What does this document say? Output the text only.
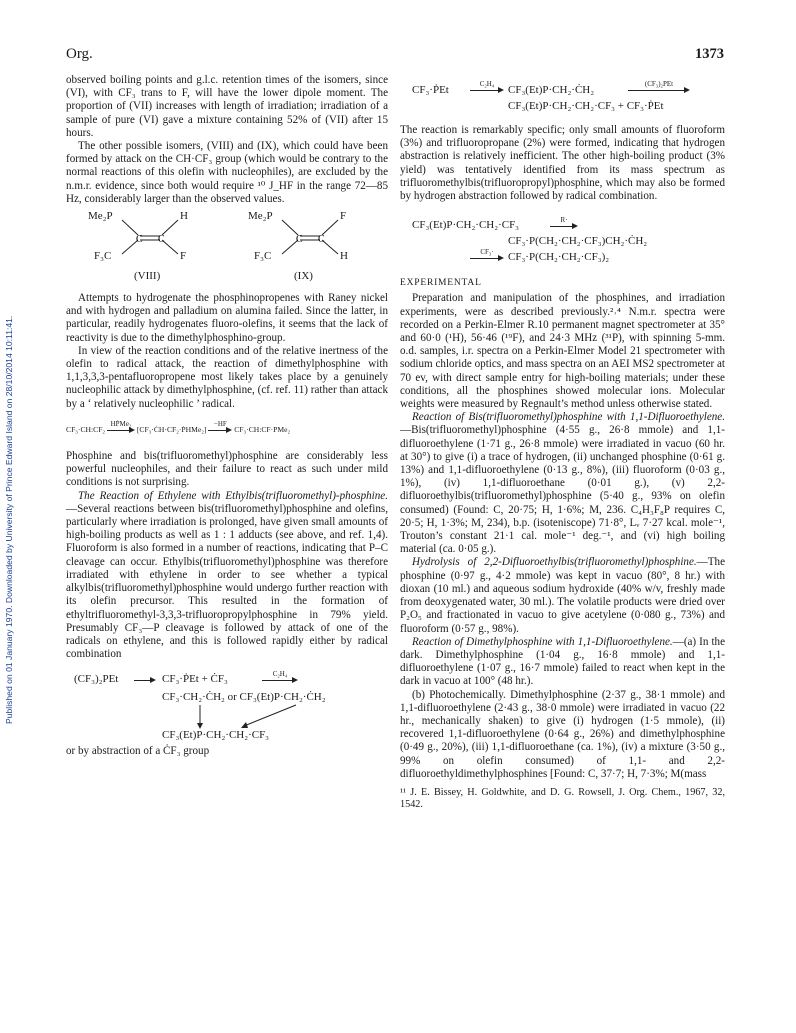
Published on 01 January 1970. Downloaded by University of Prince Edward Island on 28/10/2014 10:11:41.
Org.	1373

observed boiling points and g.l.c. retention times of the isomers, since (VI), with CF₃ trans to F, will have the lower dipole moment. The proportion of (VII) increases with length of irradiation; irradiation of a sample of pure (VI) gave a mixture containing 52% of (VII) after 15 hours.

The other possible isomers, (VIII) and (IX), which could have been formed by attack on the CH·CF₃ group (which would be contrary to the normal reactions of this olefin with nucleophiles), are excluded by the n.m.r. evidence, since both would require ¹⁰ J_HF in the range 72—85 Hz, considerably larger than the observed values.

C C
Me₂P	H
F₃C	F
(VIII)
C C
Me₂P	F
F₃C	H
(IX)

Attempts to hydrogenate the phosphinopropenes with Raney nickel and with hydrogen and palladium on alumina failed. Since the latter, in particular, readily hydrogenates fluoro-olefins, it seems that the lack of reactivity is due to the dimethylphosphino-group.

In view of the reaction conditions and of the relative inertness of the olefin to radical attack, the reaction of dimethylphosphine with 1,1,3,3,3-pentafluoropropene most likely takes place by a genuinely nucleophilic attack by dimethylphosphine, (cf. ref. 11) rather than attack by a ‘ relatively nucleophilic ’ radical.

CF₃·CH:CF₂
HṖMe₂
[CF₃·ĊH·CF₂·ṖHMe₂]
−HF
CF₃·CH:CF·PMe₂

Phosphine and bis(trifluoromethyl)phosphine are considerably less powerful nucleophiles, and their failure to react as such under mild conditions is not surprising.

The Reaction of Ethylene with Ethylbis(trifluoromethyl)-phosphine.—Several reactions between bis(trifluoromethyl)phosphine and olefins, particularly where irradiation is prolonged, have given small amounts of high-boiling products as well as 1 : 1 adducts (see above, and ref. 1,4). Fluoroform is also formed in a number of reactions, indicating that P–C cleavage can occur. Ethylbis(trifluoromethyl)phosphine was therefore irradiated with ethylene in order to see whether a typical alkylbis(trifluoromethyl)phosphine would undergo further reaction with its olefin precursor. This resulted in the formation of ethyltrifluoromethyl-3,3,3-trifluoropropylphosphine in 79% yield. Presumably CF₃—P cleavage is followed by attack of one of the radicals on ethylene, and this is followed rapidly either by radical combination

(CF₃)₂PEt	CF₃·ṖEt + ĊF₃	C₂H₄
CF₃·CH₂·ĊH₂ or CF₃(Et)P·CH₂·ĊH₂
CF₃(Et)P·CH₂·CH₂·CF₃

or by abstraction of a ĊF₃ group

CF₃·ṖEt	C₂H₄	CF₃(Et)P·CH₂·ĊH₂	(CF₃)₂PEt
CF₃(Et)P·CH₂·CH₂·CF₃ + CF₃·ṖEt

The reaction is remarkably specific; only small amounts of fluoroform (3%) and trifluoropropane (2%) were formed, indicating that hydrogen abstraction is relatively inefficient. The other high-boiling product (3% yield) was tentatively identified from its mass spectrum as trifluoromethylbis(trifluoropropyl)phosphine, which may also be formed by hydrogen abstraction followed by radical combination.

CF₃(Et)P·CH₂·CH₂·CF₃	R·
CF₃·P(CH₂·CH₂·CF₃)CH₂·ĊH₂
CF₃·	CF₃·P(CH₂·CH₂·CF₃)₂
EXPERIMENTAL

Preparation and manipulation of the phosphines, and irradiation experiments, were as described previously.²˒⁴ N.m.r. spectra were recorded on a Perkin-Elmer R.10 permanent magnet spectrometer at 35° and 60·0 (¹H), 56·46 (¹⁹F), and 24·3 MHz (³¹P), with spinning 5-mm. o.d. samples, i.r. spectra on a Perkin-Elmer Model 21 spectrometer with sodium chloride optics, and mass spectra on an AEI MS2 spectrometer at 70 ev, with direct sample entry for high-boiling materials; under these conditions, all the phosphines showed molecular ions. Molecular weights were measured by Regnault’s method unless otherwise stated.

Reaction of Bis(trifluoromethyl)phosphine with 1,1-Difluoroethylene.—Bis(trifluoromethyl)phosphine (4·55 g., 26·8 mmole) and 1,1-difluoroethylene (1·71 g., 26·8 mmole) were irradiated in vacuo (60 hr. at 30°) to give (i) a trace of hydrogen, (ii) unchanged phosphine (0·61 g. 13%) and 1,1-difluoroethylene (0·13 g., 8%), (iii) fluoroform (0·03 g., 1%), (iv) 1,1-difluoroethane (0·01 g.), (v) 2,2-difluoroethylbis(trifluoromethyl)phosphine (5·40 g., 93% on olefin consumed) (Found: C, 20·75; H, 1·6%; M, 236. C₄H₃F₈P requires C, 20·5; H, 1·3%; M, 234), b.p. (isoteniscope) 71·8°, Lᵥ 7·27 kcal. mole⁻¹, Trouton’s constant 21·1 cal. mole⁻¹ deg.⁻¹, and (vi) high boiling material (ca. 0·05 g.).

Hydrolysis of 2,2-Difluoroethylbis(trifluoromethyl)phosphine.—The phosphine (0·97 g., 4·2 mmole) was kept in vacuo (80°, 8 hr.) with dioxan (10 ml.) and aqueous sodium hydroxide (40% w/v, freshly made from deoxygenated water, 30 ml.). The volatile products were dried over P₂O₅ and fractionated in vacuo to give acetylene (0·080 g., 73%) and fluoroform (0·57 g., 98%).

Reaction of Dimethylphosphine with 1,1-Difluoroethylene.—(a) In the dark. Dimethylphosphine (1·04 g., 16·8 mmole) and 1,1-difluoroethylene (1·07 g., 16·7 mmole) failed to react when kept in the dark in vacuo at 100° (48 hr.).

(b) Photochemically. Dimethylphosphine (2·37 g., 38·1 mmole) and 1,1-difluoroethylene (2·43 g., 38·0 mmole) were irradiated in vacuo (22 hr., mechanically shaken) to give (i) hydrogen (1·5 mmole), (ii) recovered 1,1-difluoroethylene (0·64 g., 26%) and dimethylphosphine (0·49 g., 20%), (iii) 1,1-difluoroethane (ca. 1%), (iv) a mixture (3·50 g., 99% on olefin consumed) of 1,1- and 2,2-difluoroethyldimethylphosphines [Found: C, 37·7; H, 7·3%; M(mass

¹¹ J. E. Bissey, H. Goldwhite, and D. G. Rowsell, J. Org. Chem., 1967, 32, 1542.
